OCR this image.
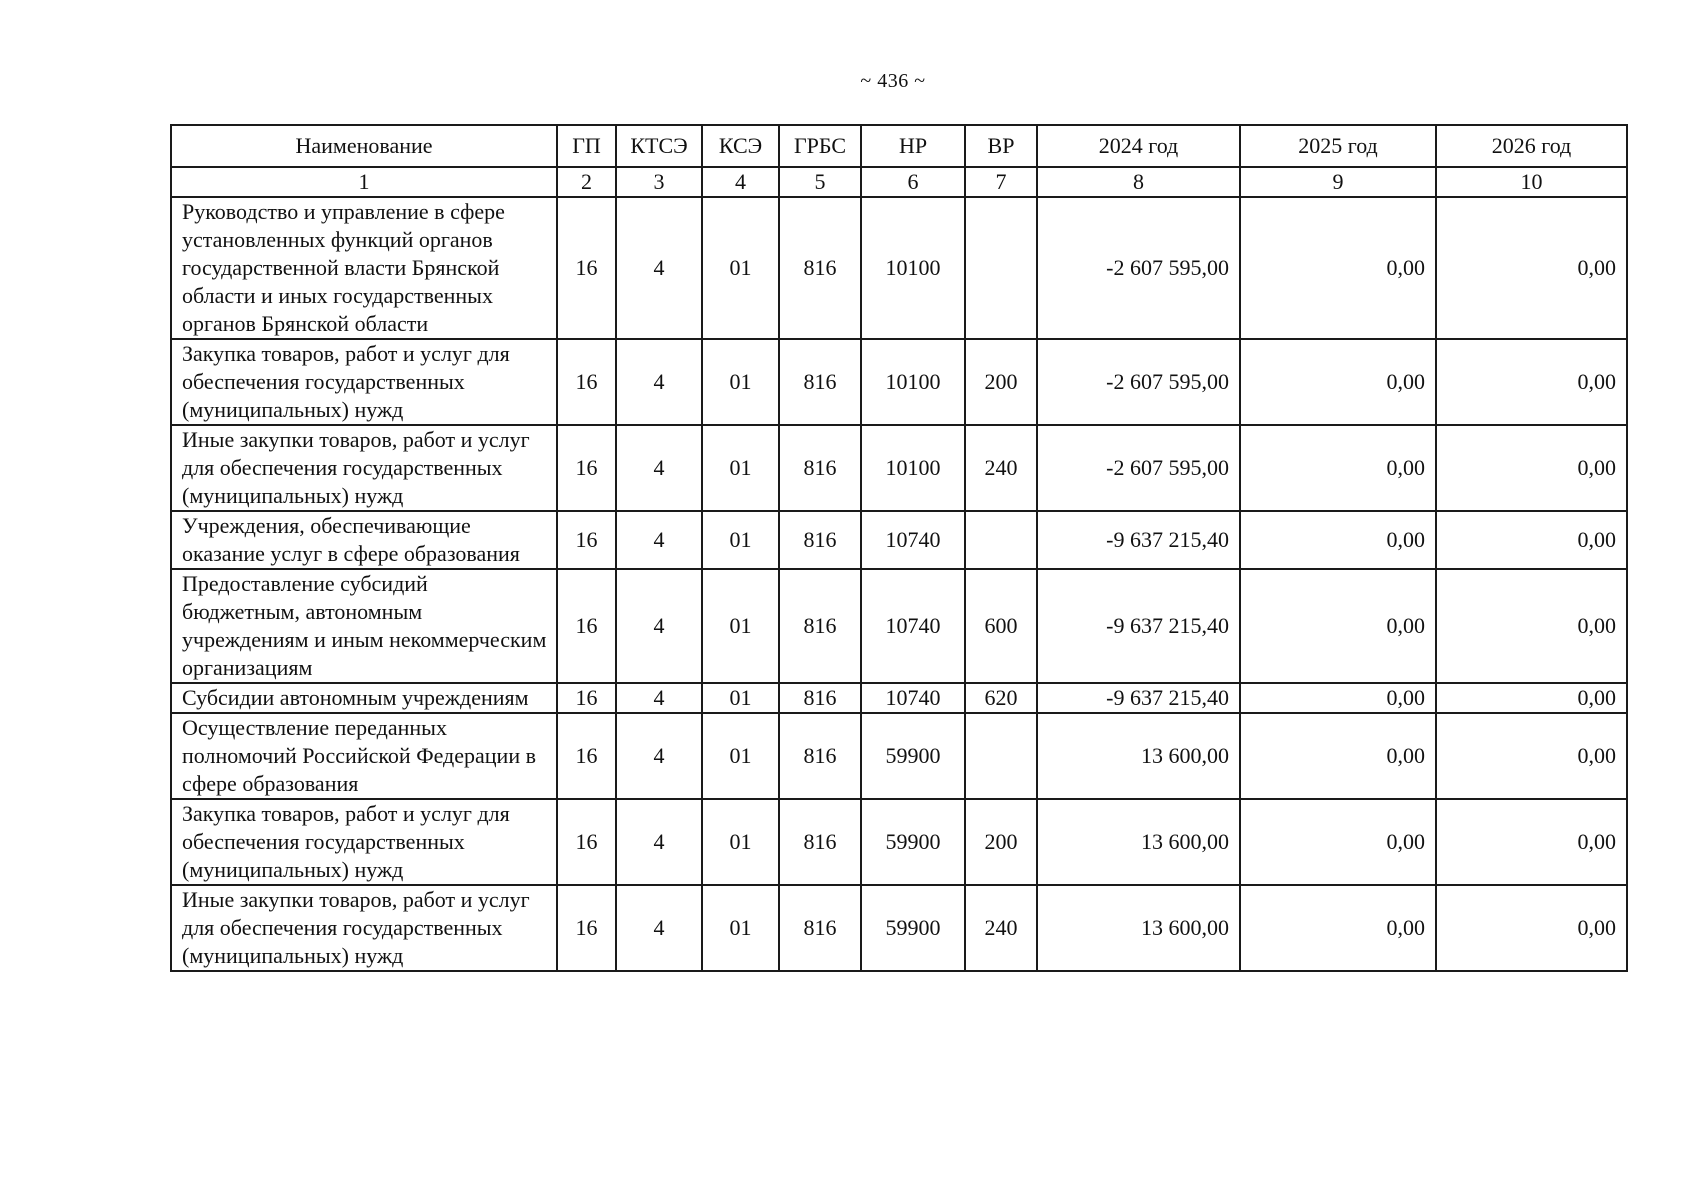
~ 436 ~
Наименование	ГП	КТСЭ	КСЭ	ГРБС	НР	ВР	2024 год	2025 год	2026 год
1	2	3	4	5	6	7	8	9	10
Руководство и управление в сфере установленных функций органов государственной власти Брянской области и иных государственных органов Брянской области	16	4	01	816	10100		-2 607 595,00	0,00	0,00
Закупка товаров, работ и услуг для обеспечения государственных (муниципальных) нужд	16	4	01	816	10100	200	-2 607 595,00	0,00	0,00
Иные закупки товаров, работ и услуг для обеспечения государственных (муниципальных) нужд	16	4	01	816	10100	240	-2 607 595,00	0,00	0,00
Учреждения, обеспечивающие оказание услуг в сфере образования	16	4	01	816	10740		-9 637 215,40	0,00	0,00
Предоставление субсидий бюджетным, автономным учреждениям и иным некоммерческим организациям	16	4	01	816	10740	600	-9 637 215,40	0,00	0,00
Субсидии автономным учреждениям	16	4	01	816	10740	620	-9 637 215,40	0,00	0,00
Осуществление переданных полномочий Российской Федерации в сфере образования	16	4	01	816	59900		13 600,00	0,00	0,00
Закупка товаров, работ и услуг для обеспечения государственных (муниципальных) нужд	16	4	01	816	59900	200	13 600,00	0,00	0,00
Иные закупки товаров, работ и услуг для обеспечения государственных (муниципальных) нужд	16	4	01	816	59900	240	13 600,00	0,00	0,00
